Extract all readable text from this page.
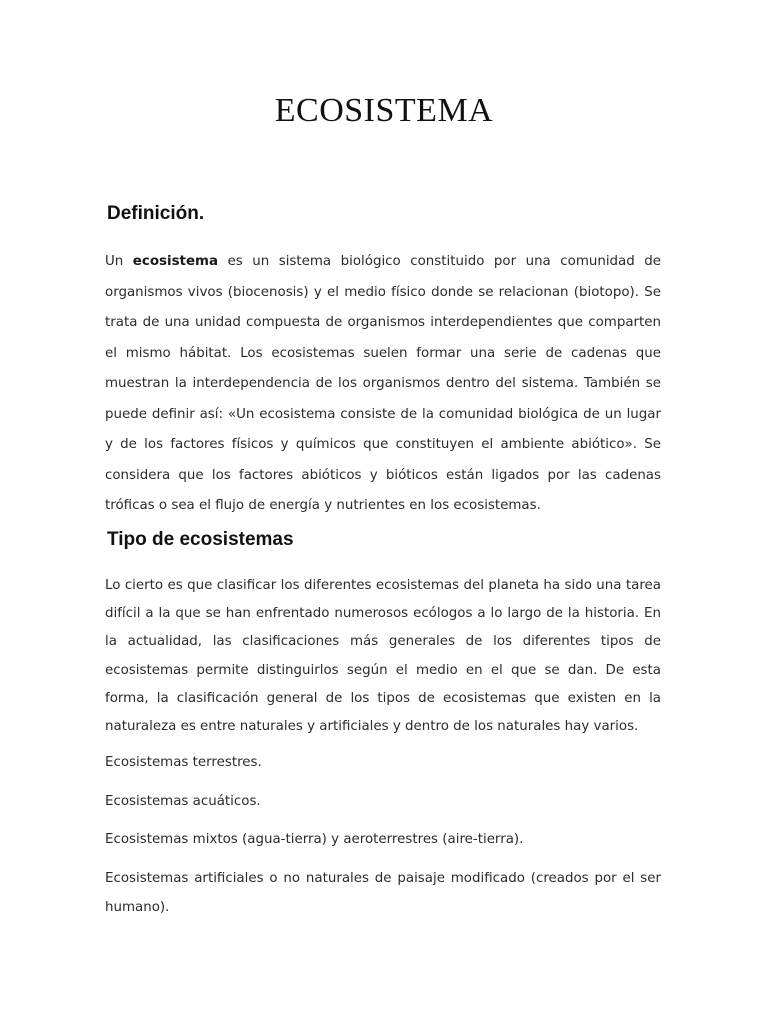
ECOSISTEMA
Definición.

Un ecosistema es un sistema biológico constituido por una comunidad de organismos vivos (biocenosis) y el medio físico donde se relacionan (biotopo). Se trata de una unidad compuesta de organismos interdependientes que comparten el mismo hábitat. Los ecosistemas suelen formar una serie de cadenas que muestran la interdependencia de los organismos dentro del sistema. También se puede definir así: «Un ecosistema consiste de la comunidad biológica de un lugar y de los factores físicos y químicos que constituyen el ambiente abiótico». Se considera que los factores abióticos y bióticos están ligados por las cadenas tróficas o sea el flujo de energía y nutrientes en los ecosistemas.

Tipo de ecosistemas

Lo cierto es que clasificar los diferentes ecosistemas del planeta ha sido una tarea difícil a la que se han enfrentado numerosos ecólogos a lo largo de la historia. En la actualidad, las clasificaciones más generales de los diferentes tipos de ecosistemas permite distinguirlos según el medio en el que se dan. De esta forma, la clasificación general de los tipos de ecosistemas que existen en la naturaleza es entre naturales y artificiales y dentro de los naturales hay varios.

Ecosistemas terrestres.

Ecosistemas acuáticos.

Ecosistemas mixtos (agua-tierra) y aeroterrestres (aire-tierra).

Ecosistemas artificiales o no naturales de paisaje modificado (creados por el ser humano).
